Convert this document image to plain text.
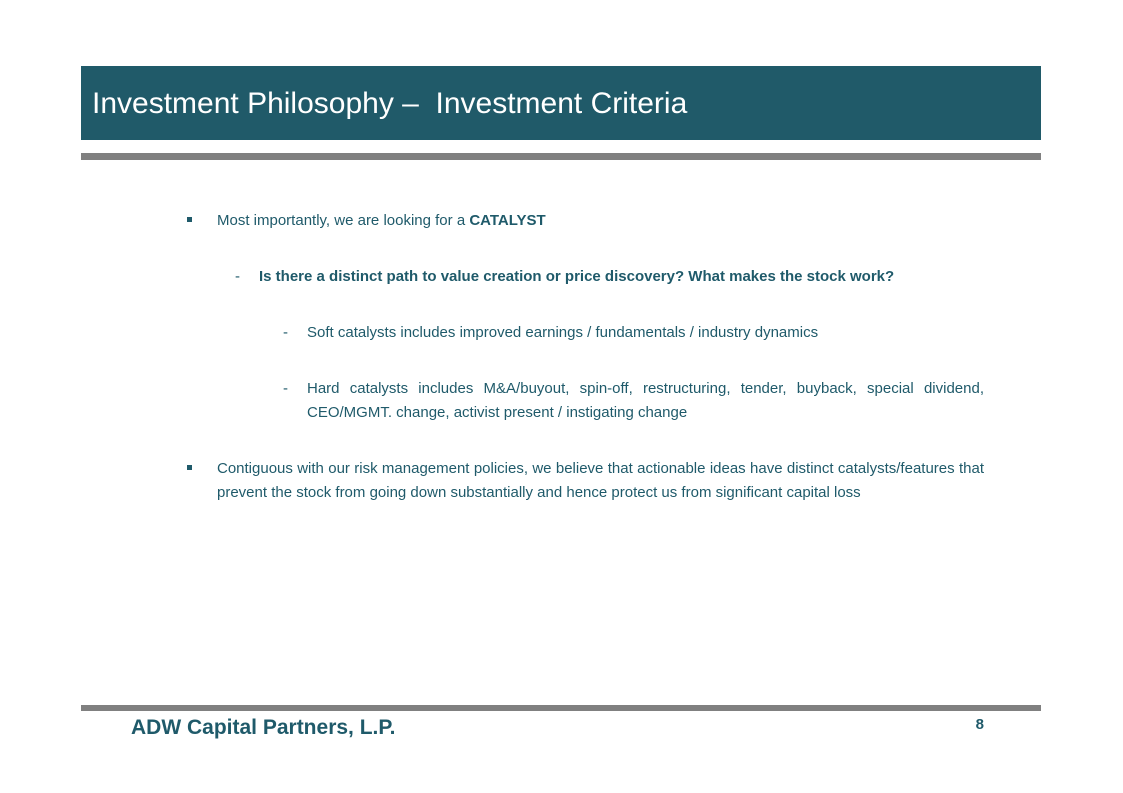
Investment Philosophy –  Investment Criteria
Most importantly, we are looking for a CATALYST
- Is there a distinct path to value creation or price discovery? What makes the stock work?
- Soft catalysts includes improved earnings / fundamentals / industry dynamics
- Hard catalysts includes M&A/buyout, spin-off, restructuring, tender, buyback, special dividend, CEO/MGMT. change, activist present / instigating change
Contiguous with our risk management policies, we believe that actionable ideas have distinct catalysts/features that prevent the stock from going down substantially and hence protect us from significant capital loss
ADW Capital Partners, L.P.	8
